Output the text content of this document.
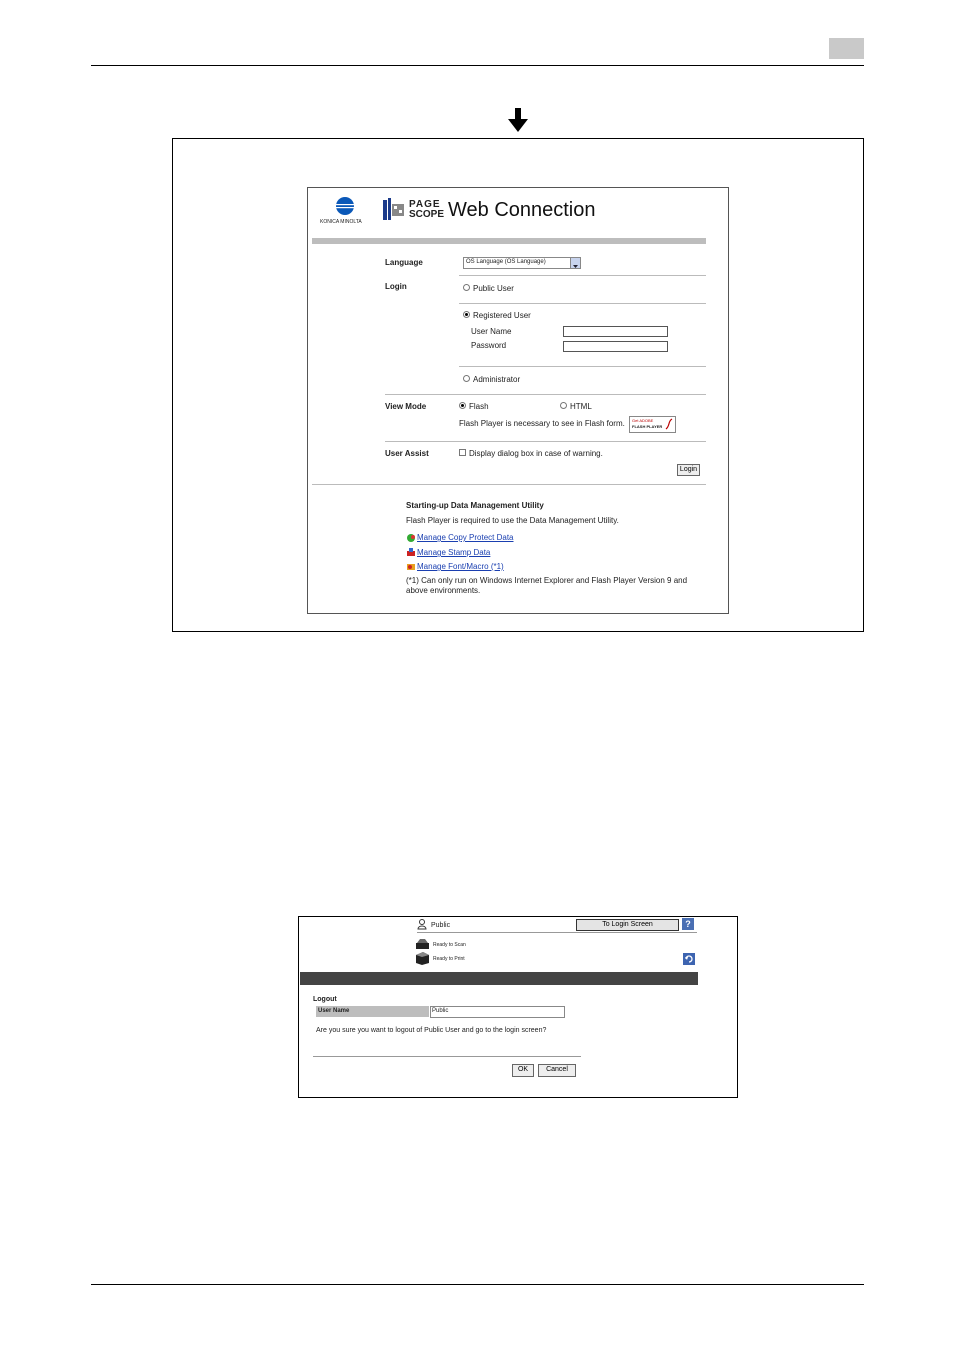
KONICA MINOLTA
PAGE
SCOPE Web Connection
Language	OS Language (OS Language)
Login	Public User
Registered User
User Name
Password
Administrator
View Mode	Flash	HTML
Flash Player is necessary to see in Flash form. Get ADOBE
FLASH PLAYER
User Assist	Display dialog box in case of warning.
Login
Starting-up Data Management Utility
Flash Player is required to use the Data Management Utility.
Manage Copy Protect Data
Manage Stamp Data
Manage Font/Macro (*1)
(*1) Can only run on Windows Internet Explorer and Flash Player Version 9 and
above environments.
Public	To Login Screen	?
Ready to Scan
Ready to Print
Logout
User Name	Public
Are you sure you want to logout of Public User and go to the login screen?
OK	Cancel
